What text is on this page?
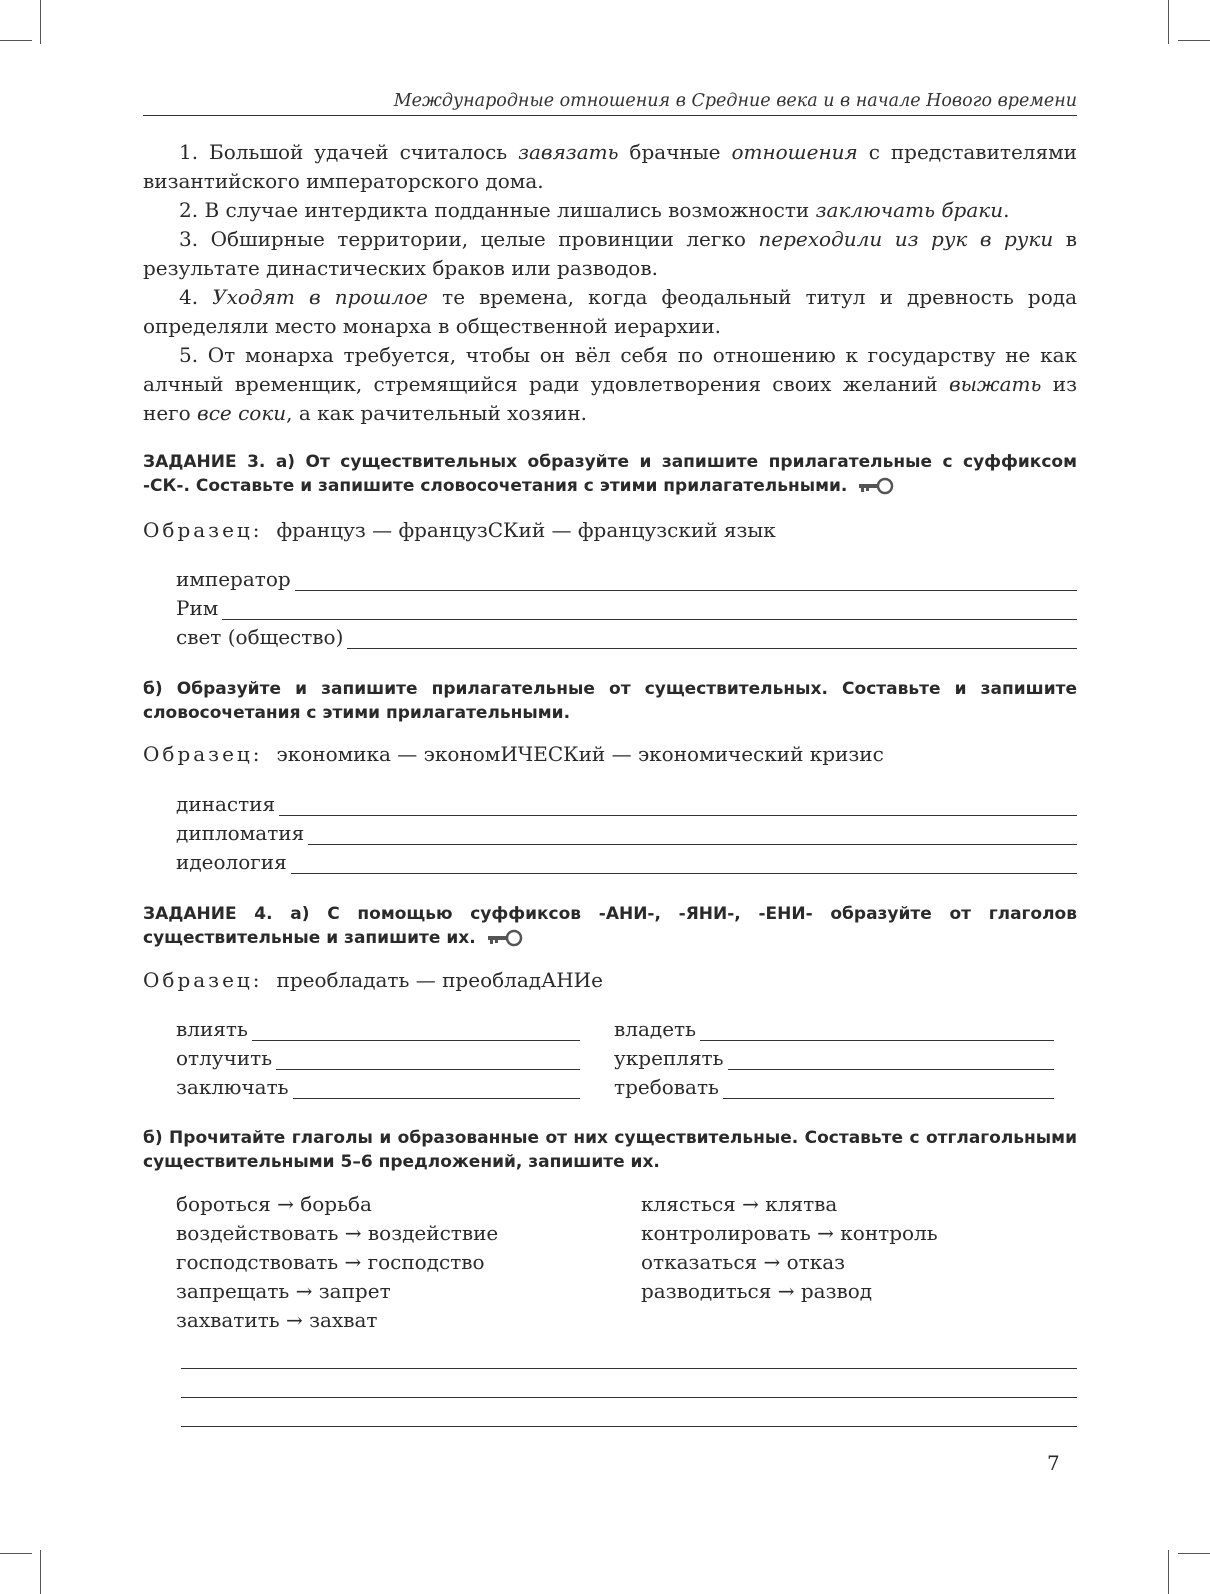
Международные отношения в Средние века и в начале Нового времени

1. Большой удачей считалось завязать брачные отношения с представителями византийского императорского дома.

2. В случае интердикта подданные лишались возможности заключать браки.

3. Обширные территории, целые провинции легко переходили из рук в руки в результате династических браков или разводов.

4. Уходят в прошлое те времена, когда феодальный титул и древность рода определяли место монарха в общественной иерархии.

5. От монарха требуется, чтобы он вёл себя по отношению к государству не как алчный временщик, стремящийся ради удовлетворения своих желаний выжать из него все соки, а как рачительный хозяин.

ЗАДАНИЕ 3. а) От существительных образуйте и запишите прилагательные с суффиксом -СК-. Составьте и запишите словосочетания с этими прилагательными.
Образец: француз — французСКий — французский язык
император
Рим
свет (общество)
б) Образуйте и запишите прилагательные от существительных. Составьте и запишите словосочетания с этими прилагательными.
Образец: экономика — экономИЧЕСКий — экономический кризис
династия
дипломатия
идеология
ЗАДАНИЕ 4. а) С помощью суффиксов -АНИ-, -ЯНИ-, -ЕНИ- образуйте от глаголов существительные и запишите их.
Образец: преобладать — преобладАНИе
влиять
отлучить
заключать
владеть
укреплять
требовать
б) Прочитайте глаголы и образованные от них существительные. Составьте с отглагольными существительными 5–6 предложений, запишите их.
бороться → борьба
воздействовать → воздействие
господствовать → господство
запрещать → запрет
захватить → захват
клясться → клятва
контролировать → контроль
отказаться → отказ
разводиться → развод
7
